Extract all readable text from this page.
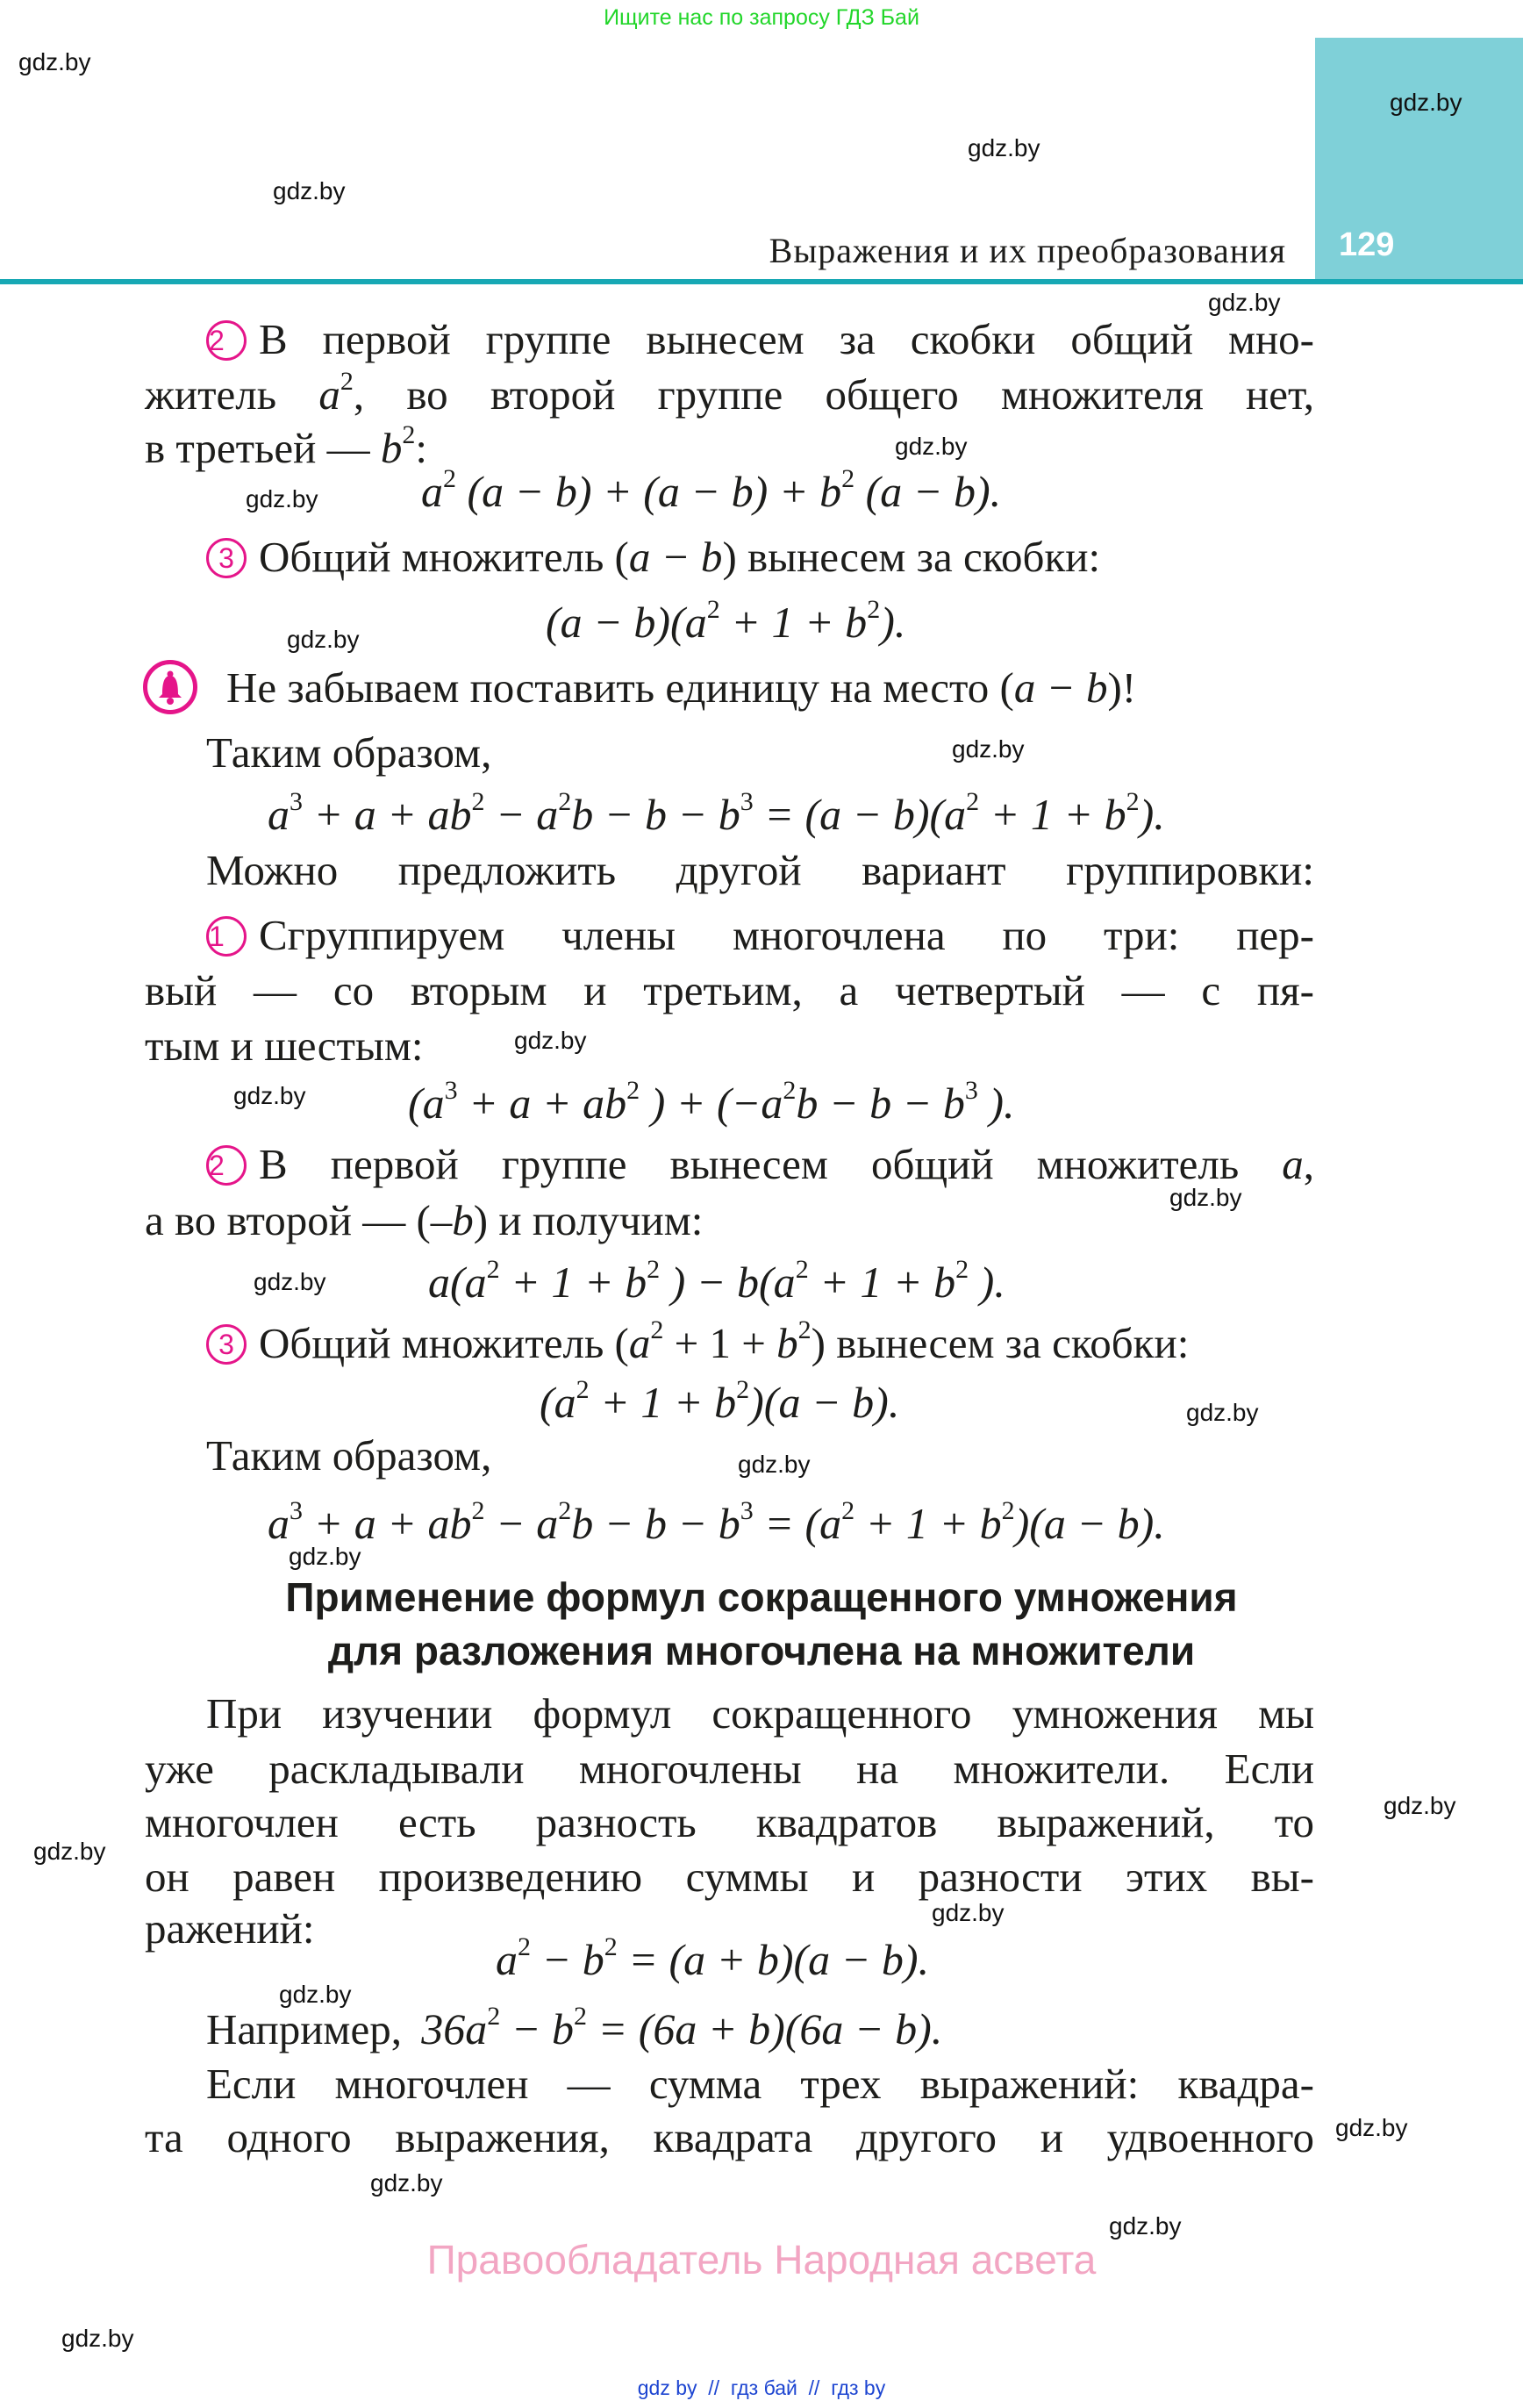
Ищите нас по запросу ГДЗ Бай
129
Выражения и их преобразования
2 В первой группе вынесем за скобки общий мно-
житель $a^2$, во второй группе общего множителя нет,
в третьей — $b^2$:
$a^2$ $(a - b) + (a - b) + b^2$ (a − b).
3 Общий множитель (a − b) вынесем за скобки:
$(a - b)(a^2 + 1 + b^2)$.
Не забываем поставить единицу на место (a − b)!
Таким образом,
$a^3 + a + ab^2 - a^2b - b - b^3 = (a - b)(a^2 + 1 + b^2)$.
Можно предложить другой вариант группировки:
1 Сгруппируем члены многочлена по три: пер-
вый — со вторым и третьим, а четвертый — с пя-
тым и шестым:
($a^3 + a + ab^2$ ) + ($-a^2b - b - b^3$ ).
2 В первой группе вынесем общий множитель a,
а во второй — (–b) и получим:
$a(a^2 + 1 + b^2$ ) − $b(a^2 + 1 + b^2$ ).
3 Общий множитель $(a^2 + 1 + b^2)$ вынесем за скобки:
$(a^2 + 1 + b^2)(a - b)$.
Таким образом,
$a^3 + a + ab^2 - a^2b - b - b^3 = (a^2 + 1 + b^2)(a - b)$.
Применение формул сокращенного умножения
для разложения многочлена на множители
При изучении формул сокращенного умножения мы
уже раскладывали многочлены на множители. Если
многочлен есть разность квадратов выражений, то
он равен произведению суммы и разности этих вы-
ражений:
$a^2 - b^2 = (a + b)(a - b)$.
Например, $36a^2 - b^2 = (6a + b)(6a - b)$.
Если многочлен — сумма трех выражений: квадра-
та одного выражения, квадрата другого и удвоенного
Правообладатель Народная асвета
gdz by  //  гдз бай  //  гдз by
gdz.by
gdz.by
gdz.by
gdz.by
gdz.by
gdz.by
gdz.by
gdz.by
gdz.by
gdz.by
gdz.by
gdz.by
gdz.by
gdz.by
gdz.by
gdz.by
gdz.by
gdz.by
gdz.by
gdz.by
gdz.by
gdz.by
gdz.by
gdz.by
